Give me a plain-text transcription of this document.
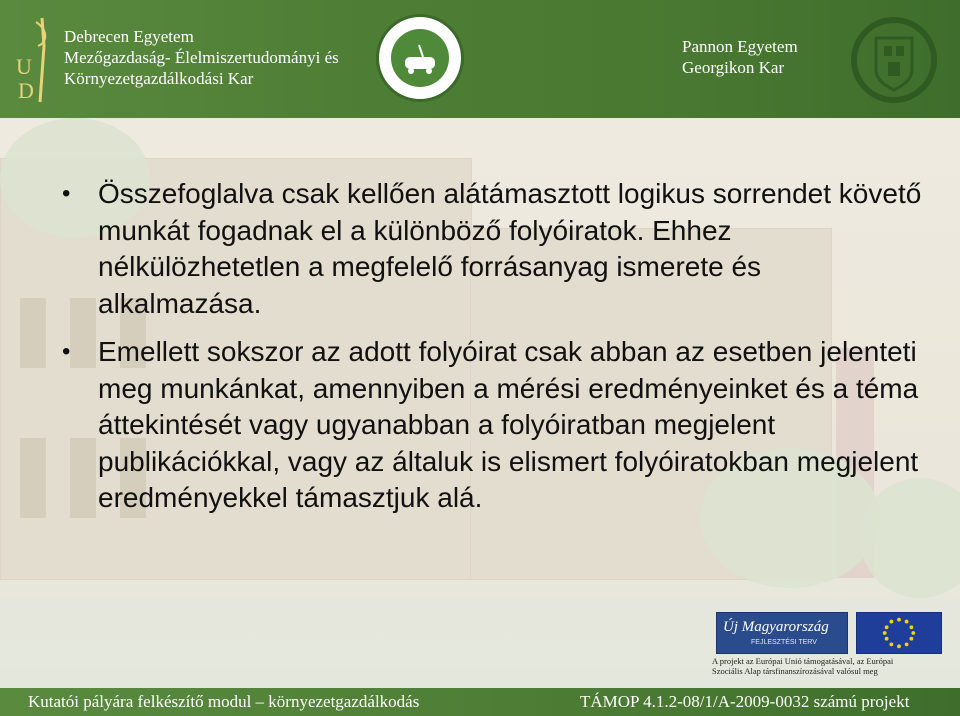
U
D
Debrecen Egyetem
Mezőgazdaság- Élelmiszertudományi és
Környezetgazdálkodási Kar
Pannon Egyetem
Georgikon Kar
• Összefoglalva csak kellően alátámasztott logikus sorrendet követő munkát fogadnak el a különböző folyóiratok. Ehhez nélkülözhetetlen a megfelelő forrásanyag ismerete és alkalmazása.
• Emellett sokszor az adott folyóirat csak abban az esetben jelenteti meg munkánkat, amennyiben a mérési eredményeinket és a téma áttekintését vagy ugyanabban a folyóiratban megjelent publikációkkal, vagy az általuk is elismert folyóiratokban megjelent eredményekkel támasztjuk alá.
Új Magyarország
FEJLESZTÉSI TERV
A projekt az Európai Unió támogatásával, az Európai
Szociális Alap társfinanszírozásával valósul meg
Kutatói pályára felkészítő modul – környezetgazdálkodás	TÁMOP 4.1.2-08/1/A-2009-0032 számú projekt
